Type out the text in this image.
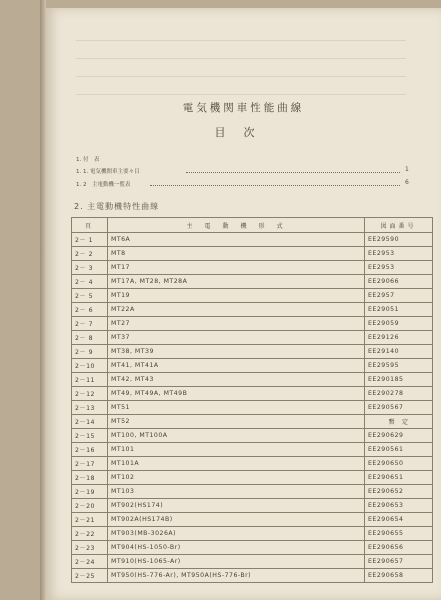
電気機関車性能曲線
目次
1. 付　表
1. 1. 電気機関車主要々目	1
1. 2　主電動機一覧表	6
2. 主電動機特性曲線
頁	主　電　動　機　形　式	図面番号
2－ 1	MT6A	EE29590
2－ 2	MT8	EE2953
2－ 3	MT17	EE2953
2－ 4	MT17A, MT28, MT28A	EE29066
2－ 5	MT19	EE2957
2－ 6	MT22A	EE29051
2－ 7	MT27	EE29059
2－ 8	MT37	EE29126
2－ 9	MT38, MT39	EE29140
2－10	MT41, MT41A	EE29595
2－11	MT42, MT43	EE290185
2－12	MT49, MT49A, MT49B	EE290278
2－13	MT51	EE290567
2－14	MT52	暫　定
2－15	MT100, MT100A	EE290629
2－16	MT101	EE290561
2－17	MT101A	EE290650
2－18	MT102	EE290651
2－19	MT103	EE290652
2－20	MT902(HS174)	EE290653
2－21	MT902A(HS174B)	EE290654
2－22	MT903(MB-3026A)	EE290655
2－23	MT904(HS-1050-Br)	EE290656
2－24	MT910(HS-1065-Ar)	EE290657
2－25	MT950(HS-776-Ar), MT950A(HS-776-Br)	EE290658
